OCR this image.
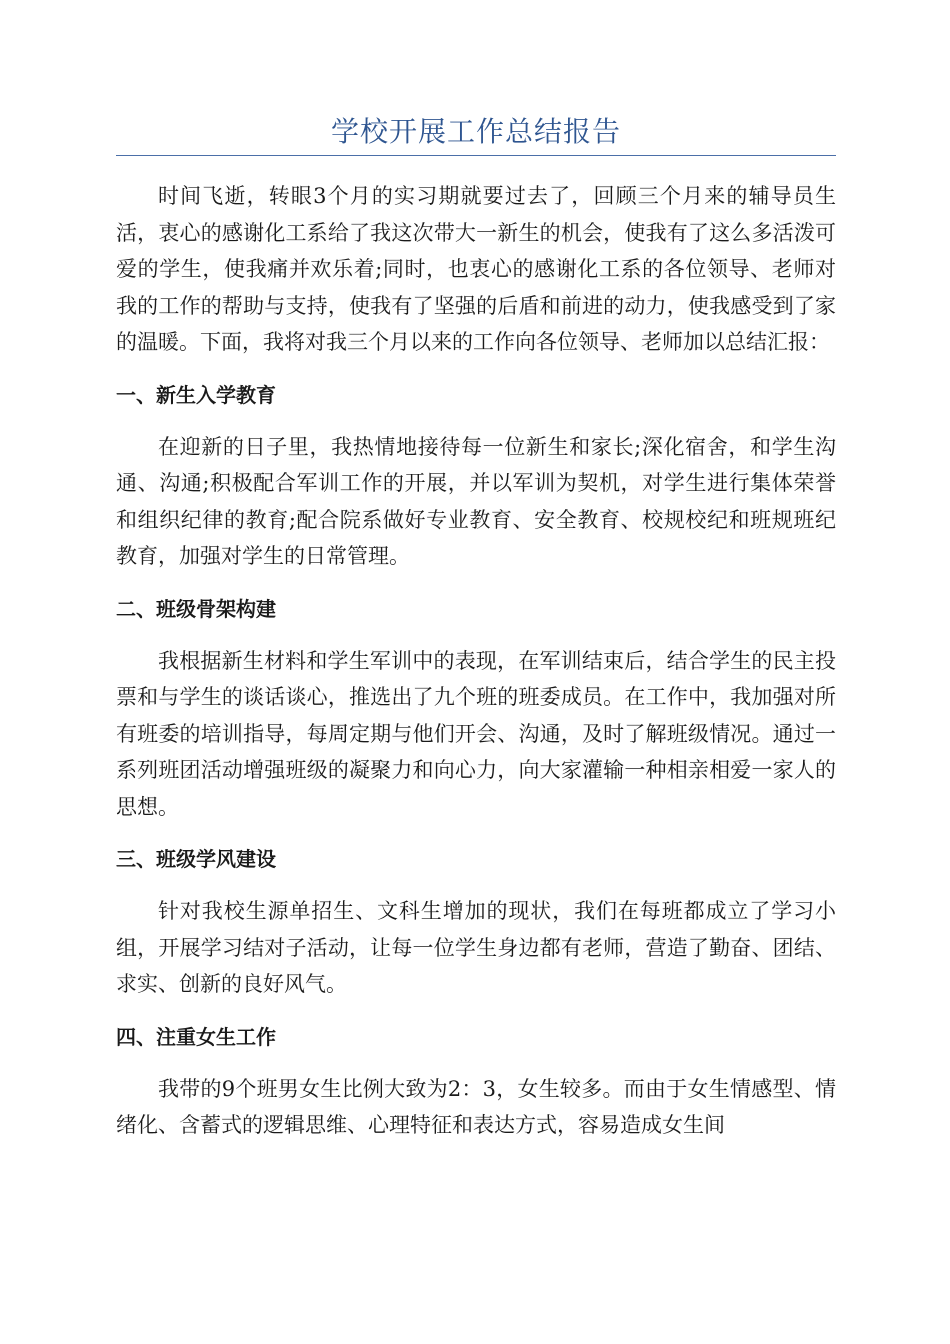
学校开展工作总结报告

时间飞逝，转眼3个月的实习期就要过去了，回顾三个月来的辅导员生活，衷心的感谢化工系给了我这次带大一新生的机会，使我有了这么多活泼可爱的学生，使我痛并欢乐着;同时，也衷心的感谢化工系的各位领导、老师对我的工作的帮助与支持，使我有了坚强的后盾和前进的动力，使我感受到了家的温暖。下面，我将对我三个月以来的工作向各位领导、老师加以总结汇报：

一、新生入学教育

在迎新的日子里，我热情地接待每一位新生和家长;深化宿舍，和学生沟通、沟通;积极配合军训工作的开展，并以军训为契机，对学生进行集体荣誉和组织纪律的教育;配合院系做好专业教育、安全教育、校规校纪和班规班纪教育，加强对学生的日常管理。

二、班级骨架构建

我根据新生材料和学生军训中的表现，在军训结束后，结合学生的民主投票和与学生的谈话谈心，推选出了九个班的班委成员。在工作中，我加强对所有班委的培训指导，每周定期与他们开会、沟通，及时了解班级情况。通过一系列班团活动增强班级的凝聚力和向心力，向大家灌输一种相亲相爱一家人的思想。

三、班级学风建设

针对我校生源单招生、文科生增加的现状，我们在每班都成立了学习小组，开展学习结对子活动，让每一位学生身边都有老师，营造了勤奋、团结、求实、创新的良好风气。

四、注重女生工作

我带的9个班男女生比例大致为2：3，女生较多。而由于女生情感型、情绪化、含蓄式的逻辑思维、心理特征和表达方式，容易造成女生间
